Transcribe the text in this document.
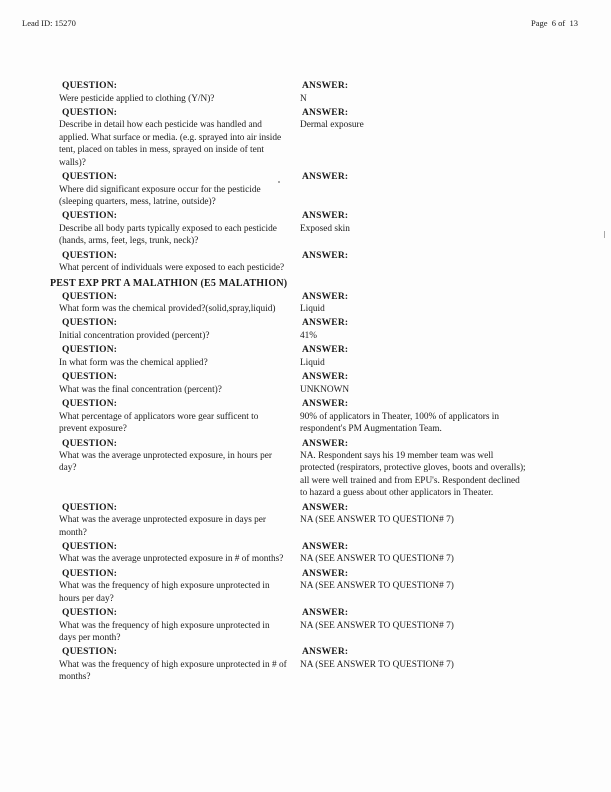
Lead ID: 15270	Page  6 of  13
QUESTION:
Were pesticide applied to clothing (Y/N)?
ANSWER:
N
QUESTION:
Describe in detail how each pesticide was handled and applied. What surface or media. (e.g. sprayed into air inside tent, placed on tables in mess, sprayed on inside of tent walls)?
ANSWER:
Dermal exposure
QUESTION:
Where did significant exposure occur for the pesticide (sleeping quarters, mess, latrine, outside)?
ANSWER:
QUESTION:
Describe all body parts typically exposed to each pesticide (hands, arms, feet, legs, trunk, neck)?
ANSWER:
Exposed skin
QUESTION:
What percent of individuals were exposed to each pesticide?
ANSWER:
PEST EXP PRT A MALATHION (E5 MALATHION)
QUESTION:
What form was the chemical provided?(solid,spray,liquid)
ANSWER:
Liquid
QUESTION:
Initial concentration provided (percent)?
ANSWER:
41%
QUESTION:
In what form was the chemical applied?
ANSWER:
Liquid
QUESTION:
What was the final concentration (percent)?
ANSWER:
UNKNOWN
QUESTION:
What percentage of applicators wore gear sufficent to prevent exposure?
ANSWER:
90% of applicators in Theater, 100% of applicators in respondent's PM Augmentation Team.
QUESTION:
What was the average unprotected exposure, in hours per day?
ANSWER:
NA. Respondent says his 19 member team was well protected (respirators, protective gloves, boots and overalls); all were well trained and from EPU's. Respondent declined to hazard a guess about other applicators in Theater.
QUESTION:
What was the average unprotected exposure in days per month?
ANSWER:
NA (SEE ANSWER TO QUESTION# 7)
QUESTION:
What was the average unprotected exposure in # of months?
ANSWER:
NA (SEE ANSWER TO QUESTION# 7)
QUESTION:
What was the frequency of high exposure unprotected in hours per day?
ANSWER:
NA (SEE ANSWER TO QUESTION# 7)
QUESTION:
What was the frequency of high exposure unprotected in days per month?
ANSWER:
NA (SEE ANSWER TO QUESTION# 7)
QUESTION:
What was the frequency of high exposure unprotected in # of months?
ANSWER:
NA (SEE ANSWER TO QUESTION# 7)
